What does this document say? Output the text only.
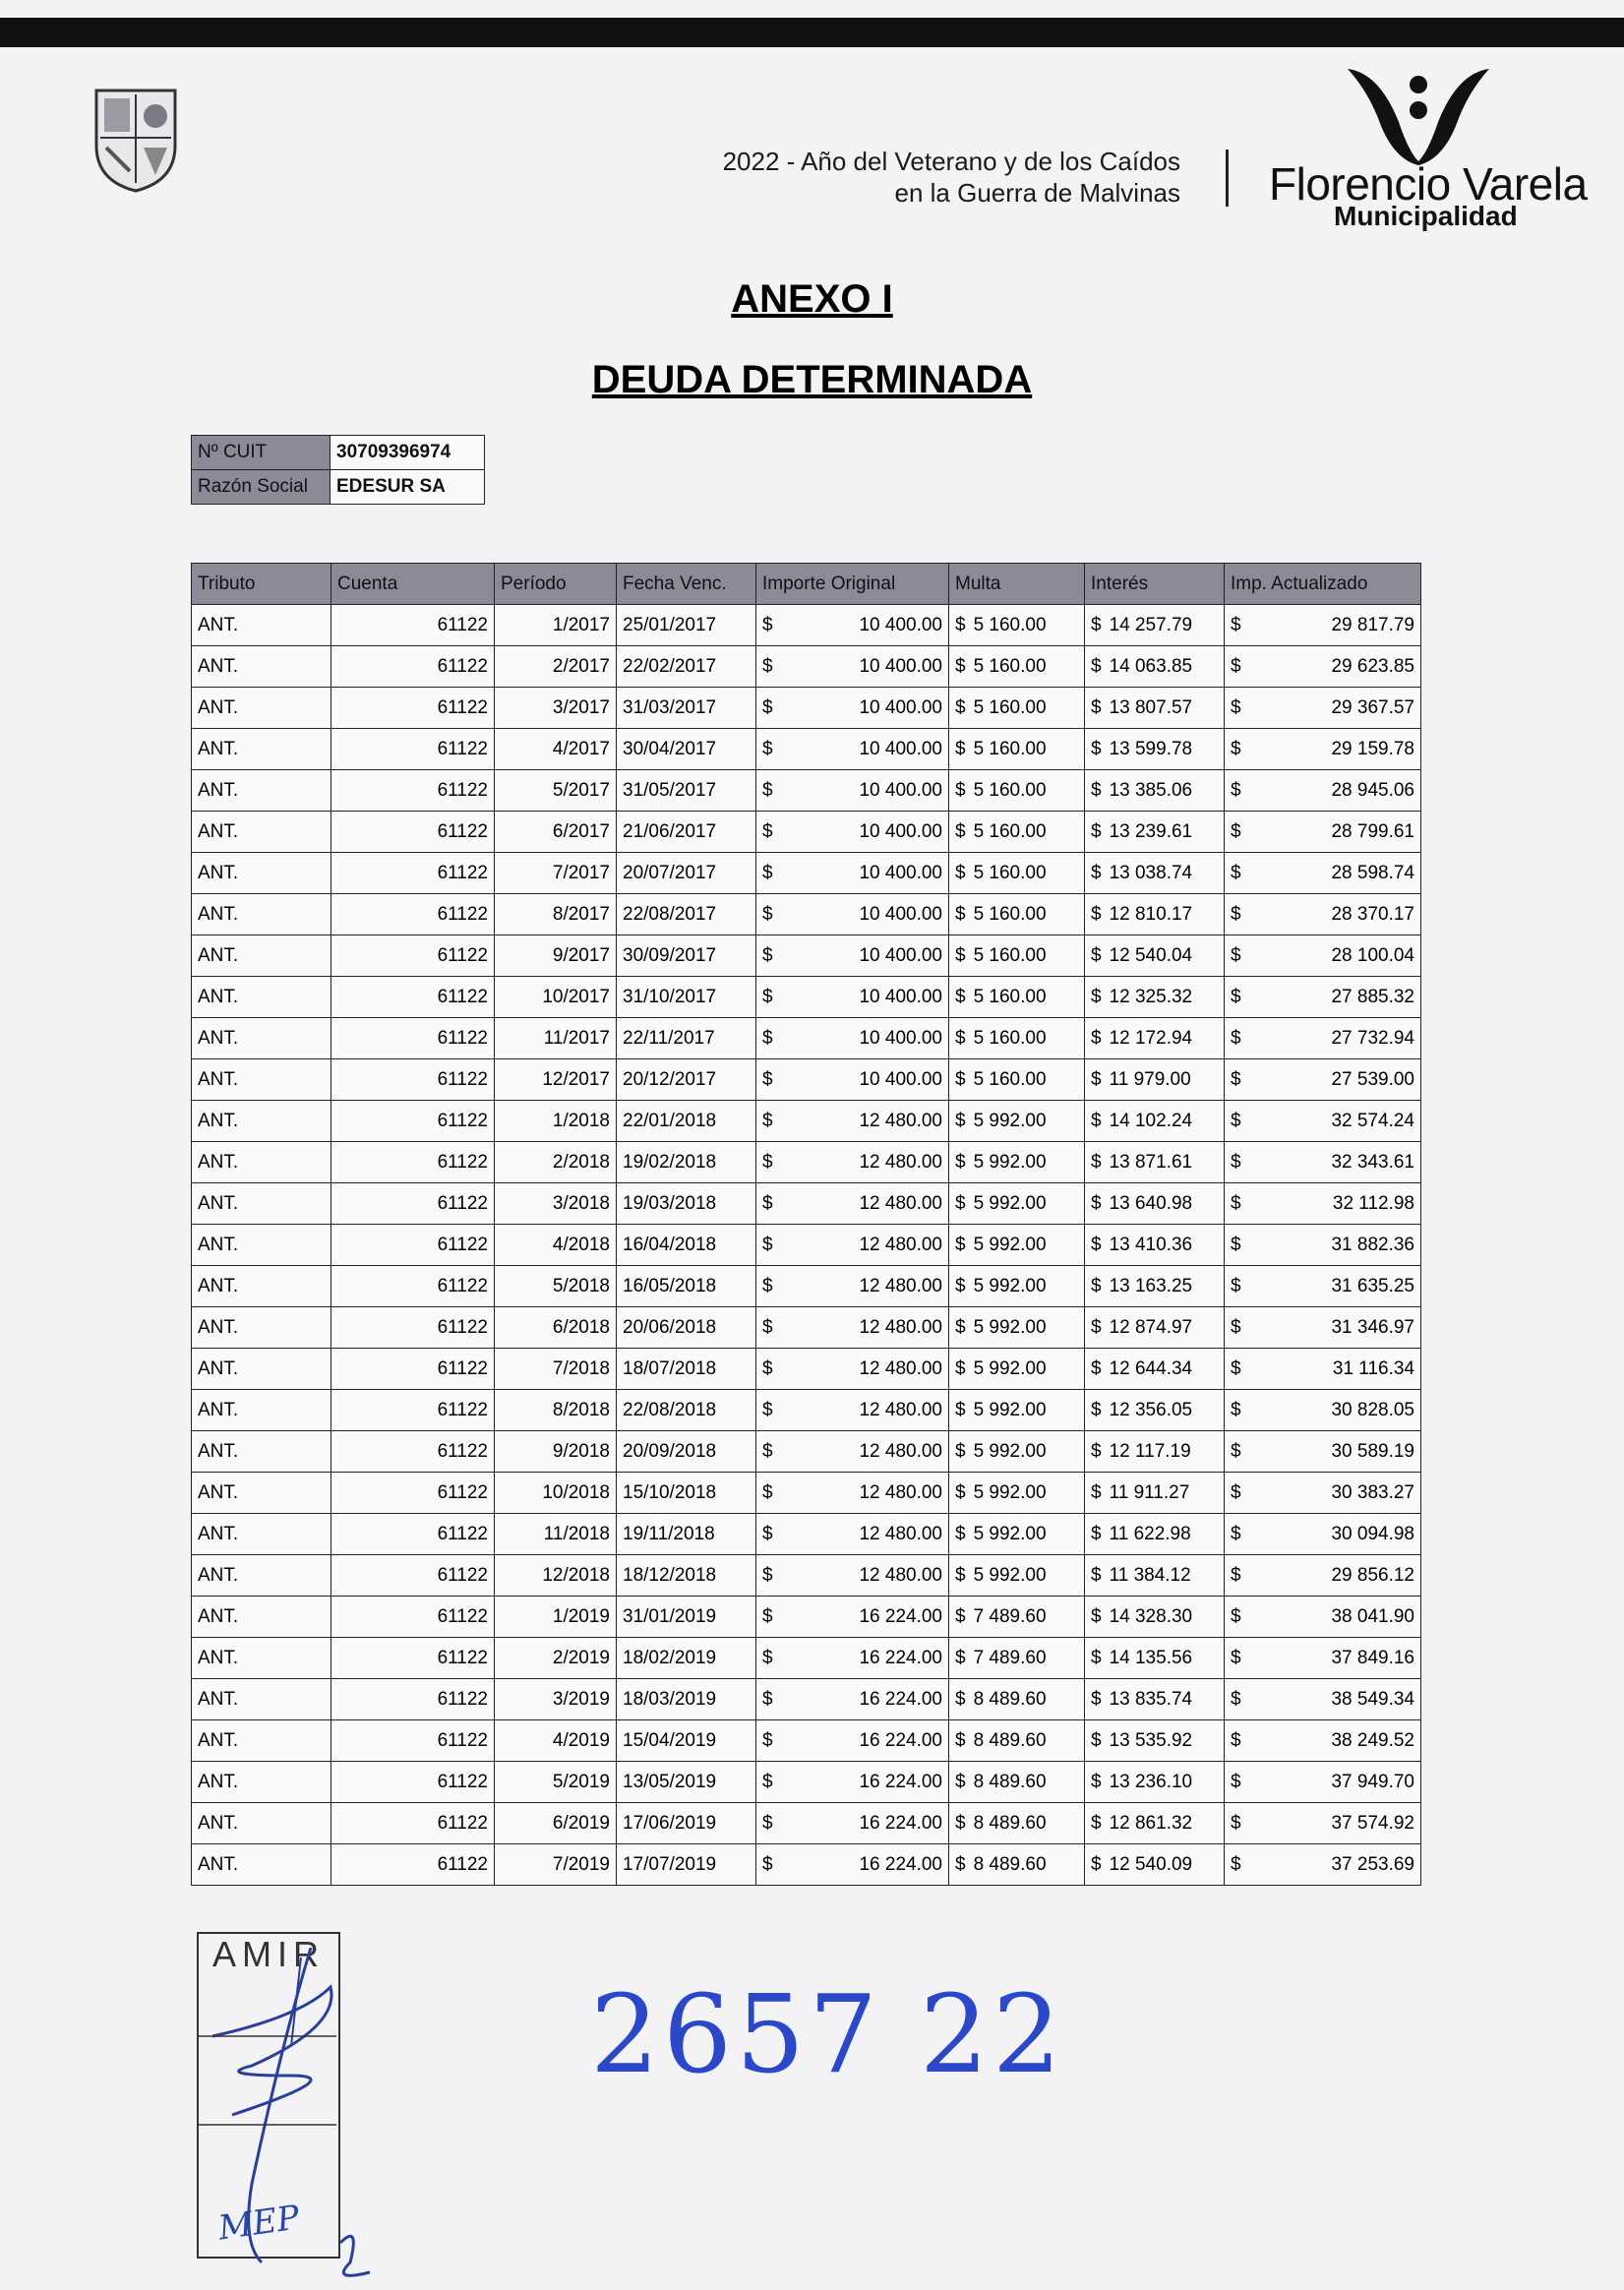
2022 - Año del Veterano y de los Caídos
en la Guerra de Malvinas Florencio Varela
Municipalidad
ANEXO I
DEUDA DETERMINADA
Nº CUIT	30709396974
Razón Social	EDESUR SA
Tributo	Cuenta	Período	Fecha Venc.	Importe Original	Multa	Interés	Imp. Actualizado
ANT.	61122	1/2017	25/01/2017	$ 10 400.00	$ 5 160.00	$ 14 257.79	$ 29 817.79

ANT.	61122	2/2017	22/02/2017	$ 10 400.00	$ 5 160.00	$ 14 063.85	$ 29 623.85

ANT.	61122	3/2017	31/03/2017	$ 10 400.00	$ 5 160.00	$ 13 807.57	$ 29 367.57

ANT.	61122	4/2017	30/04/2017	$ 10 400.00	$ 5 160.00	$ 13 599.78	$ 29 159.78

ANT.	61122	5/2017	31/05/2017	$ 10 400.00	$ 5 160.00	$ 13 385.06	$ 28 945.06

ANT.	61122	6/2017	21/06/2017	$ 10 400.00	$ 5 160.00	$ 13 239.61	$ 28 799.61

ANT.	61122	7/2017	20/07/2017	$ 10 400.00	$ 5 160.00	$ 13 038.74	$ 28 598.74

ANT.	61122	8/2017	22/08/2017	$ 10 400.00	$ 5 160.00	$ 12 810.17	$ 28 370.17

ANT.	61122	9/2017	30/09/2017	$ 10 400.00	$ 5 160.00	$ 12 540.04	$ 28 100.04

ANT.	61122	10/2017	31/10/2017	$ 10 400.00	$ 5 160.00	$ 12 325.32	$ 27 885.32

ANT.	61122	11/2017	22/11/2017	$ 10 400.00	$ 5 160.00	$ 12 172.94	$ 27 732.94

ANT.	61122	12/2017	20/12/2017	$ 10 400.00	$ 5 160.00	$ 11 979.00	$ 27 539.00

ANT.	61122	1/2018	22/01/2018	$ 12 480.00	$ 5 992.00	$ 14 102.24	$ 32 574.24

ANT.	61122	2/2018	19/02/2018	$ 12 480.00	$ 5 992.00	$ 13 871.61	$ 32 343.61

ANT.	61122	3/2018	19/03/2018	$ 12 480.00	$ 5 992.00	$ 13 640.98	$ 32 112.98

ANT.	61122	4/2018	16/04/2018	$ 12 480.00	$ 5 992.00	$ 13 410.36	$ 31 882.36

ANT.	61122	5/2018	16/05/2018	$ 12 480.00	$ 5 992.00	$ 13 163.25	$ 31 635.25

ANT.	61122	6/2018	20/06/2018	$ 12 480.00	$ 5 992.00	$ 12 874.97	$ 31 346.97

ANT.	61122	7/2018	18/07/2018	$ 12 480.00	$ 5 992.00	$ 12 644.34	$ 31 116.34

ANT.	61122	8/2018	22/08/2018	$ 12 480.00	$ 5 992.00	$ 12 356.05	$ 30 828.05

ANT.	61122	9/2018	20/09/2018	$ 12 480.00	$ 5 992.00	$ 12 117.19	$ 30 589.19

ANT.	61122	10/2018	15/10/2018	$ 12 480.00	$ 5 992.00	$ 11 911.27	$ 30 383.27

ANT.	61122	11/2018	19/11/2018	$ 12 480.00	$ 5 992.00	$ 11 622.98	$ 30 094.98

ANT.	61122	12/2018	18/12/2018	$ 12 480.00	$ 5 992.00	$ 11 384.12	$ 29 856.12

ANT.	61122	1/2019	31/01/2019	$ 16 224.00	$ 7 489.60	$ 14 328.30	$ 38 041.90

ANT.	61122	2/2019	18/02/2019	$ 16 224.00	$ 7 489.60	$ 14 135.56	$ 37 849.16

ANT.	61122	3/2019	18/03/2019	$ 16 224.00	$ 8 489.60	$ 13 835.74	$ 38 549.34

ANT.	61122	4/2019	15/04/2019	$ 16 224.00	$ 8 489.60	$ 13 535.92	$ 38 249.52

ANT.	61122	5/2019	13/05/2019	$ 16 224.00	$ 8 489.60	$ 13 236.10	$ 37 949.70

ANT.	61122	6/2019	17/06/2019	$ 16 224.00	$ 8 489.60	$ 12 861.32	$ 37 574.92

ANT.	61122	7/2019	17/07/2019	$ 16 224.00	$ 8 489.60	$ 12 540.09	$ 37 253.69
AMIR
MEP
2657 22
